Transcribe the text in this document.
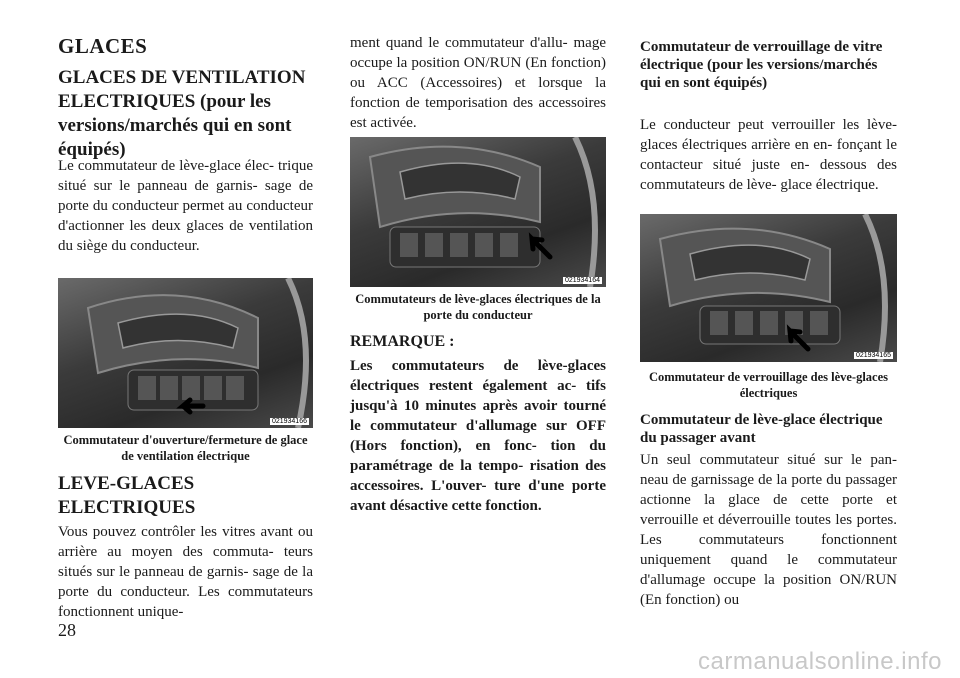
GLACES
GLACES DE VENTILATION ELECTRIQUES (pour les versions/marchés qui en sont équipés)

Le commutateur de lève-glace élec- trique situé sur le panneau de garnis- sage de porte du conducteur permet au conducteur d'actionner les deux glaces de ventilation du siège du conducteur.

021934166

Commutateur d'ouverture/fermeture de glace de ventilation électrique

LEVE-GLACES ELECTRIQUES

Vous pouvez contrôler les vitres avant ou arrière au moyen des commuta- teurs situés sur le panneau de garnis- sage de la porte du conducteur. Les commutateurs fonctionnent unique-

ment quand le commutateur d'allu- mage occupe la position ON/RUN (En fonction) ou ACC (Accessoires) et lorsque la fonction de temporisation des accessoires est activée.

021934164

Commutateurs de lève-glaces électriques de la porte du conducteur

REMARQUE :

Les commutateurs de lève-glaces électriques restent également ac- tifs jusqu'à 10 minutes après avoir tourné le commutateur d'allumage sur OFF (Hors fonction), en fonc- tion du paramétrage de la tempo- risation des accessoires. L'ouver- ture d'une porte avant désactive cette fonction.

Commutateur de verrouillage de vitre électrique (pour les versions/marchés qui en sont équipés)

Le conducteur peut verrouiller les lève-glaces électriques arrière en en- fonçant le contacteur situé juste en- dessous des commutateurs de lève- glace électrique.

021934165

Commutateur de verrouillage des lève-glaces électriques

Commutateur de lève-glace électrique du passager avant

Un seul commutateur situé sur le pan- neau de garnissage de la porte du passager actionne la glace de cette porte et verrouille et déverrouille toutes les portes. Les commutateurs fonctionnent uniquement quand le commutateur d'allumage occupe la position ON/RUN (En fonction) ou

28
carmanualsonline.info
